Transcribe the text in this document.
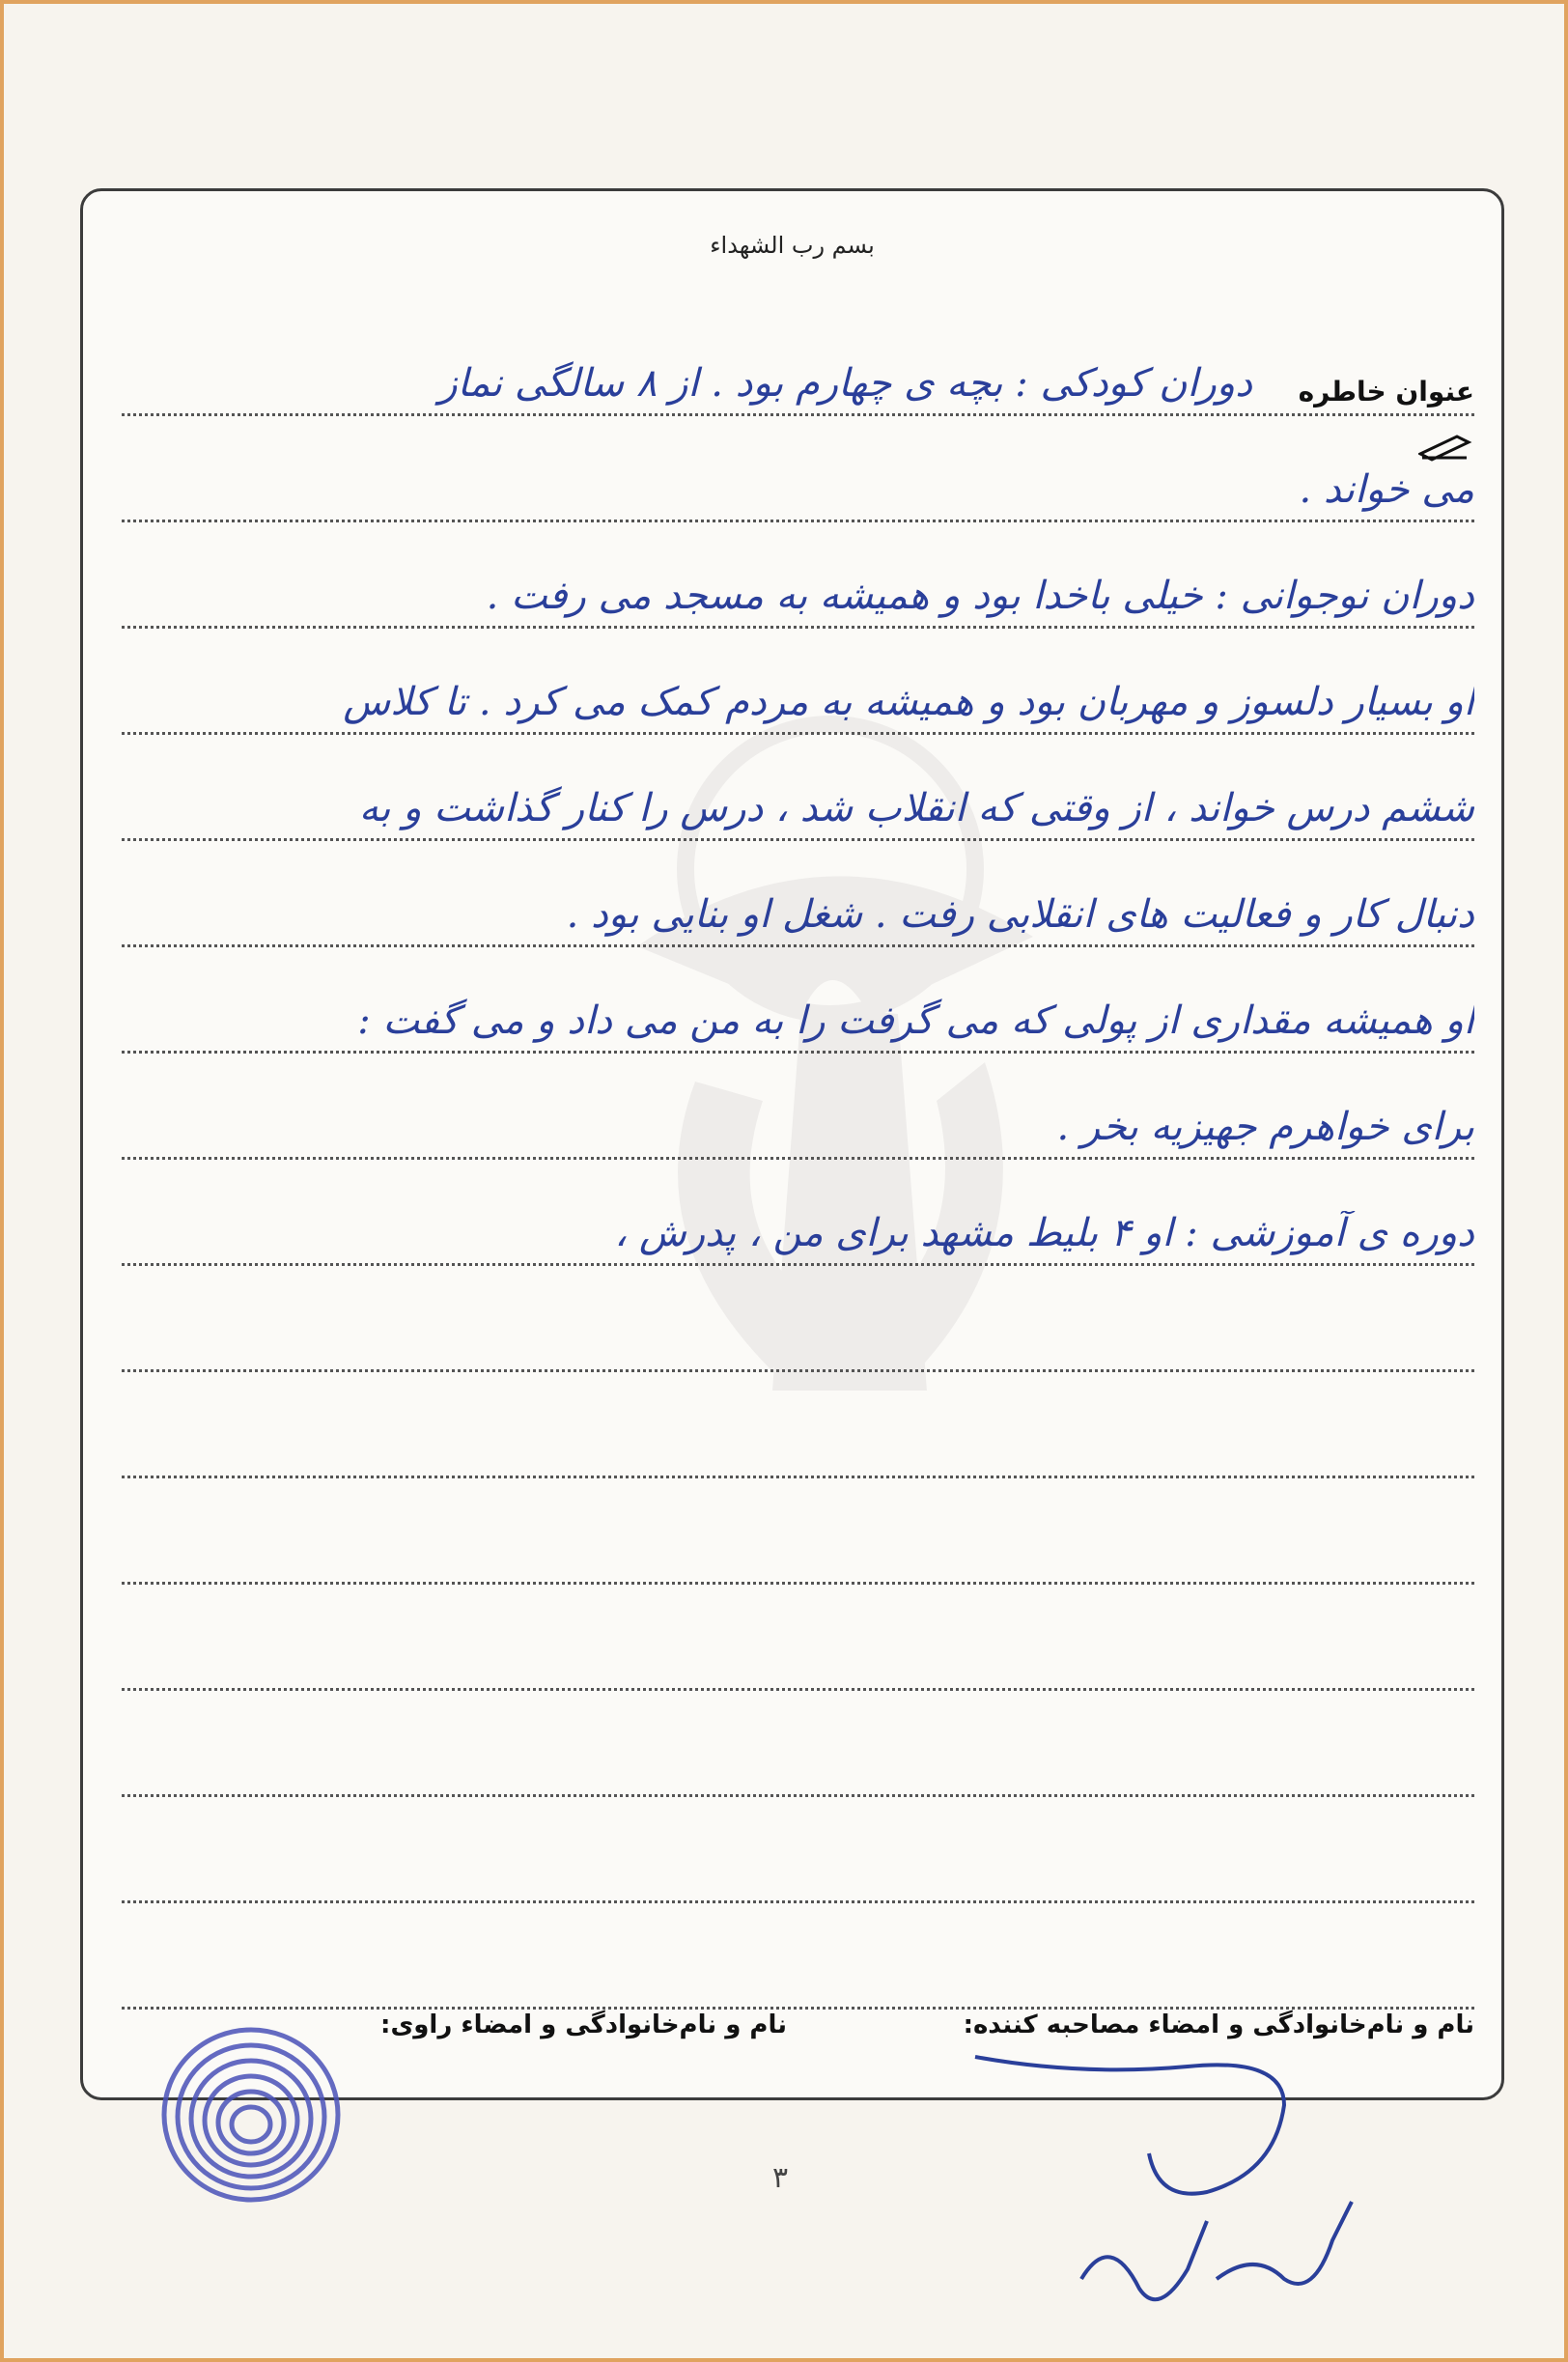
بسم رب الشهداء
عنوان خاطره
دوران کودکی : بچه ی چهارم بود . از ۸ سالگی نماز
می خواند .
دوران نوجوانی : خیلی باخدا بود و همیشه به مسجد می رفت .
او بسیار دلسوز و مهربان بود و همیشه به مردم کمک می کرد . تا کلاس
ششم درس خواند ، از وقتی که انقلاب شد ، درس را کنار گذاشت و به
دنبال کار و فعالیت های انقلابی رفت . شغل او بنایی بود .
او همیشه مقداری از پولی که می گرفت را به من می داد و می گفت :
برای خواهرم جهیزیه بخر .
دوره ی آموزشی : او ۴ بلیط مشهد برای من ، پدرش ،
نام و نام‌خانوادگی و امضاء مصاحبه کننده:
نام و نام‌خانوادگی و امضاء راوی:
۳
